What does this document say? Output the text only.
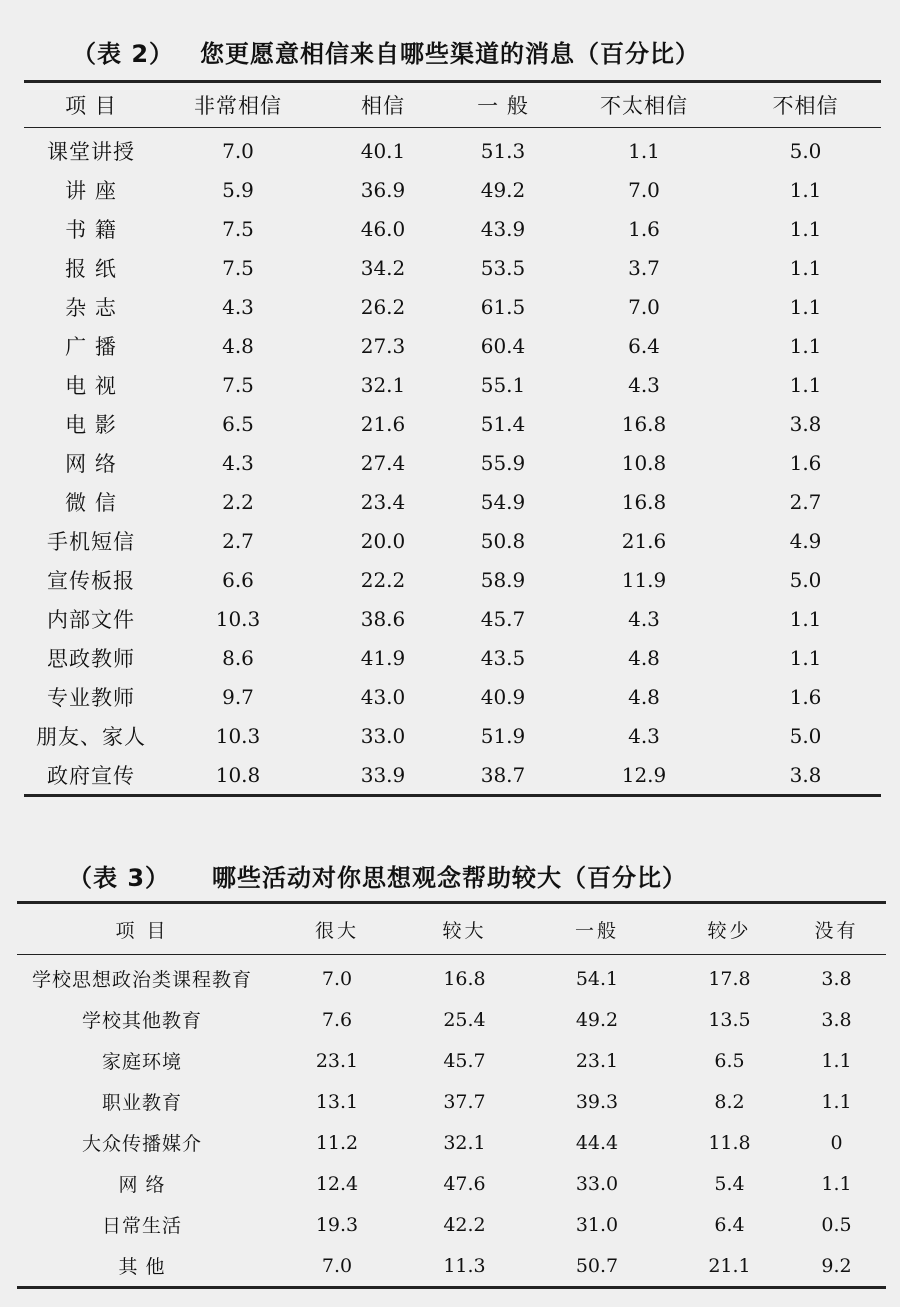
（表 2） 您更愿意相信来自哪些渠道的消息（百分比）
项 目	非常相信	相信	一 般	不太相信	不相信
课堂讲授	7.0	40.1	51.3	1.1	5.0
讲 座	5.9	36.9	49.2	7.0	1.1
书 籍	7.5	46.0	43.9	1.6	1.1
报 纸	7.5	34.2	53.5	3.7	1.1
杂 志	4.3	26.2	61.5	7.0	1.1
广 播	4.8	27.3	60.4	6.4	1.1
电 视	7.5	32.1	55.1	4.3	1.1
电 影	6.5	21.6	51.4	16.8	3.8
网 络	4.3	27.4	55.9	10.8	1.6
微 信	2.2	23.4	54.9	16.8	2.7
手机短信	2.7	20.0	50.8	21.6	4.9
宣传板报	6.6	22.2	58.9	11.9	5.0
内部文件	10.3	38.6	45.7	4.3	1.1
思政教师	8.6	41.9	43.5	4.8	1.1
专业教师	9.7	43.0	40.9	4.8	1.6
朋友、家人	10.3	33.0	51.9	4.3	5.0
政府宣传	10.8	33.9	38.7	12.9	3.8
（表 3） 哪些活动对你思想观念帮助较大（百分比）
项 目	很大	较大	一般	较少	没有
学校思想政治类课程教育	7.0	16.8	54.1	17.8	3.8
学校其他教育	7.6	25.4	49.2	13.5	3.8
家庭环境	23.1	45.7	23.1	6.5	1.1
职业教育	13.1	37.7	39.3	8.2	1.1
大众传播媒介	11.2	32.1	44.4	11.8	0
网 络	12.4	47.6	33.0	5.4	1.1
日常生活	19.3	42.2	31.0	6.4	0.5
其 他	7.0	11.3	50.7	21.1	9.2
